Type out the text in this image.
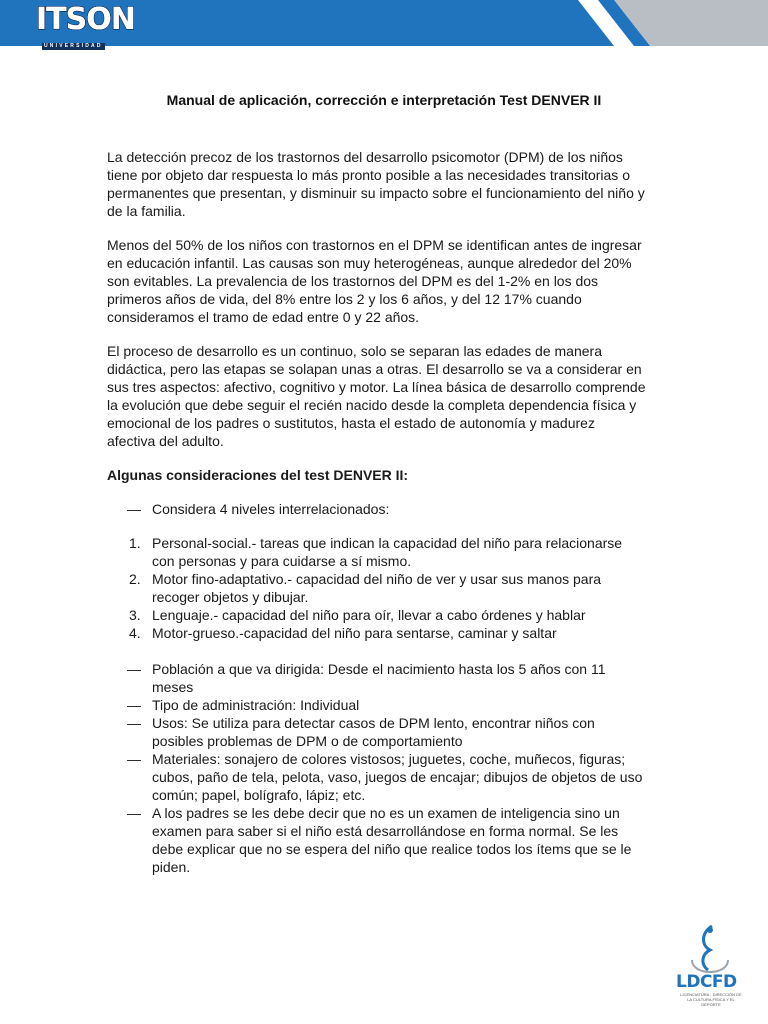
ITSON
UNIVERSIDAD
Manual de aplicación, corrección e interpretación Test DENVER II

La detección precoz de los trastornos del desarrollo psicomotor (DPM) de los niños tiene por objeto dar respuesta lo más pronto posible a las necesidades transitorias o permanentes que presentan, y disminuir su impacto sobre el funcionamiento del niño y de la familia.

Menos del 50% de los niños con trastornos en el DPM se identifican antes de ingresar en educación infantil. Las causas son muy heterogéneas, aunque alrededor del 20% son evitables. La prevalencia de los trastornos del DPM es del 1-2% en los dos primeros años de vida, del 8% entre los 2 y los 6 años, y del 12 17% cuando consideramos el tramo de edad entre 0 y 22 años.

El proceso de desarrollo es un continuo, solo se separan las edades de manera didáctica, pero las etapas se solapan unas a otras. El desarrollo se va a considerar en sus tres aspectos: afectivo, cognitivo y motor. La línea básica de desarrollo comprende la evolución que debe seguir el recién nacido desde la completa dependencia física y emocional de los padres o sustitutos, hasta el estado de autonomía y madurez afectiva del adulto.

Algunas consideraciones del test DENVER II:

— Considera 4 niveles interrelacionados:
1. Personal-social.- tareas que indican la capacidad del niño para relacionarse con personas y para cuidarse a sí mismo.
2. Motor fino-adaptativo.- capacidad del niño de ver y usar sus manos para recoger objetos y dibujar.
3. Lenguaje.- capacidad del niño para oír, llevar a cabo órdenes y hablar
4. Motor-grueso.-capacidad del niño para sentarse, caminar y saltar
— Población a que va dirigida: Desde el nacimiento hasta los 5 años con 11 meses
— Tipo de administración: Individual
— Usos: Se utiliza para detectar casos de DPM lento, encontrar niños con posibles problemas de DPM o de comportamiento
— Materiales: sonajero de colores vistosos; juguetes, coche, muñecos, figuras; cubos, paño de tela, pelota, vaso, juegos de encajar; dibujos de objetos de uso común; papel, bolígrafo, lápiz; etc.
— A los padres se les debe decir que no es un examen de inteligencia sino un examen para saber si el niño está desarrollándose en forma normal. Se les debe explicar que no se espera del niño que realice todos los ítems que se le piden.
LDCFD
LICENCIATURA · DIRECCIÓN DE LA CULTURA FÍSICA Y EL DEPORTE
